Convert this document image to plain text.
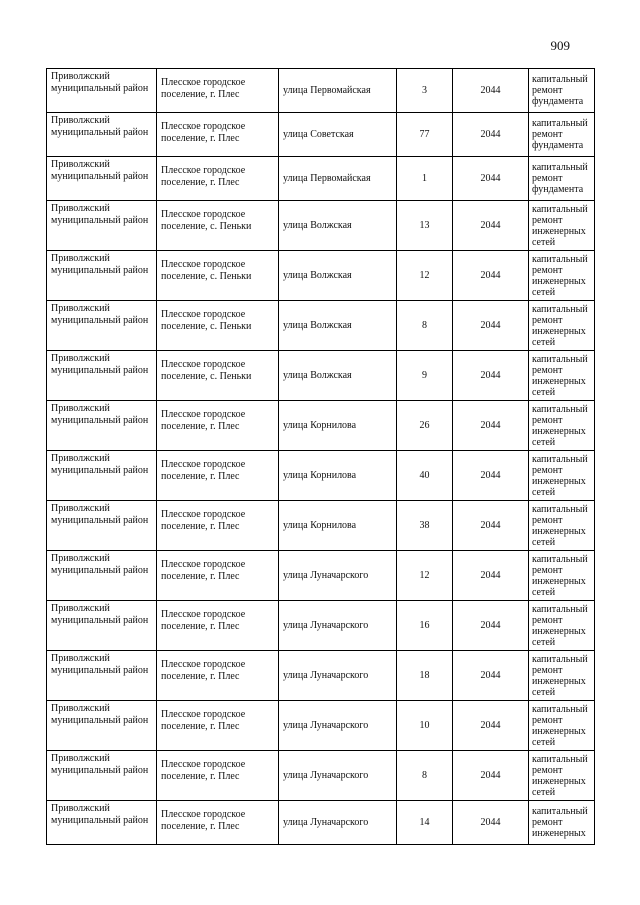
909
Приволжский муниципальный район	Плесское городское поселение, г. Плес	улица Первомайская	3	2044	капитальный ремонт фундамента
Приволжский муниципальный район	Плесское городское поселение, г. Плес	улица Советская	77	2044	капитальный ремонт фундамента
Приволжский муниципальный район	Плесское городское поселение, г. Плес	улица Первомайская	1	2044	капитальный ремонт фундамента
Приволжский муниципальный район	Плесское городское поселение, с. Пеньки	улица Волжская	13	2044	капитальный ремонт инженерных сетей
Приволжский муниципальный район	Плесское городское поселение, с. Пеньки	улица Волжская	12	2044	капитальный ремонт инженерных сетей
Приволжский муниципальный район	Плесское городское поселение, с. Пеньки	улица Волжская	8	2044	капитальный ремонт инженерных сетей
Приволжский муниципальный район	Плесское городское поселение, с. Пеньки	улица Волжская	9	2044	капитальный ремонт инженерных сетей
Приволжский муниципальный район	Плесское городское поселение, г. Плес	улица Корнилова	26	2044	капитальный ремонт инженерных сетей
Приволжский муниципальный район	Плесское городское поселение, г. Плес	улица Корнилова	40	2044	капитальный ремонт инженерных сетей
Приволжский муниципальный район	Плесское городское поселение, г. Плес	улица Корнилова	38	2044	капитальный ремонт инженерных сетей
Приволжский муниципальный район	Плесское городское поселение, г. Плес	улица Луначарского	12	2044	капитальный ремонт инженерных сетей
Приволжский муниципальный район	Плесское городское поселение, г. Плес	улица Луначарского	16	2044	капитальный ремонт инженерных сетей
Приволжский муниципальный район	Плесское городское поселение, г. Плес	улица Луначарского	18	2044	капитальный ремонт инженерных сетей
Приволжский муниципальный район	Плесское городское поселение, г. Плес	улица Луначарского	10	2044	капитальный ремонт инженерных сетей
Приволжский муниципальный район	Плесское городское поселение, г. Плес	улица Луначарского	8	2044	капитальный ремонт инженерных сетей
Приволжский муниципальный район	Плесское городское поселение, г. Плес	улица Луначарского	14	2044	капитальный ремонт инженерных
